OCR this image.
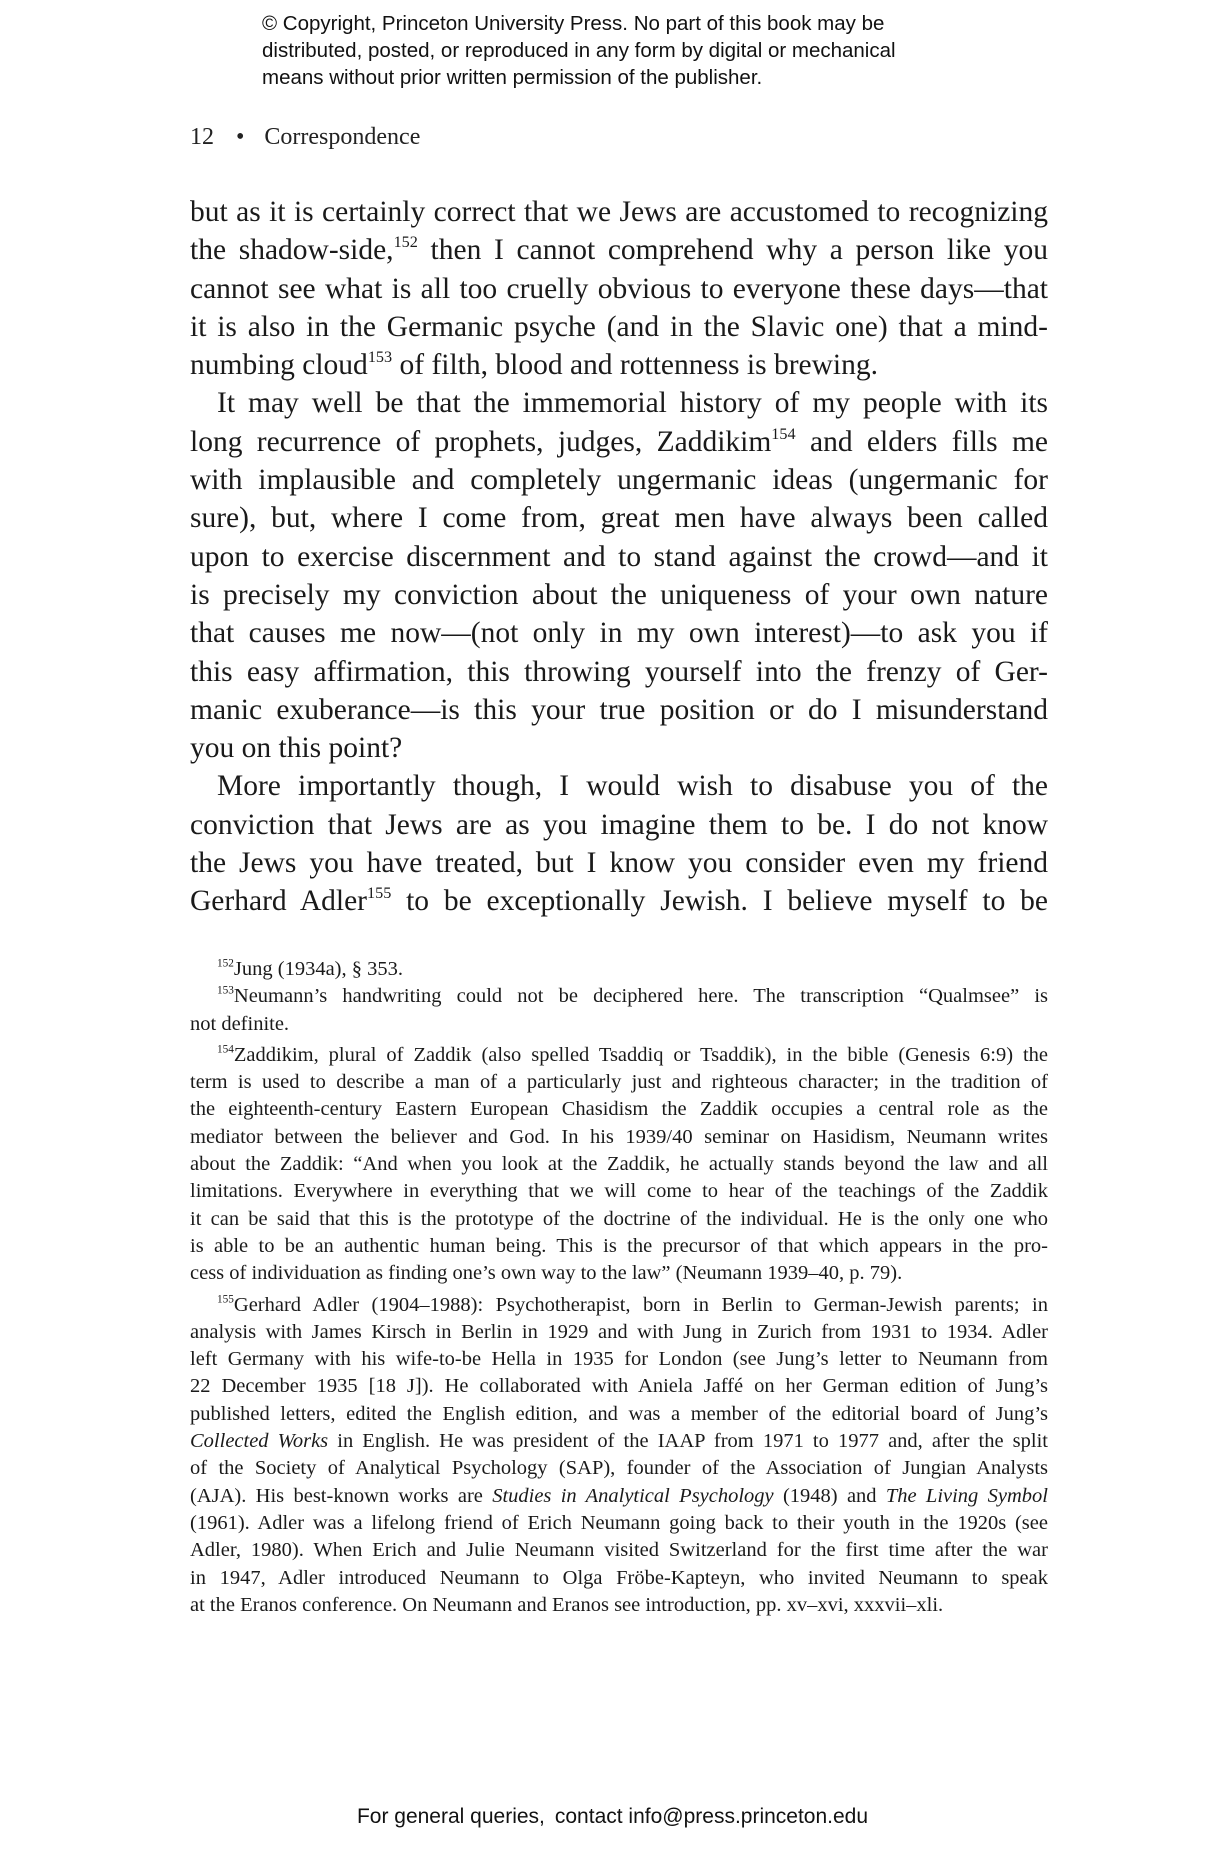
© Copyright, Princeton University Press. No part of this book may be
distributed, posted, or reproduced in any form by digital or mechanical
means without prior written permission of the publisher.
12 • Correspondence
but as it is certainly correct that we Jews are accustomed to recognizing
the shadow-side,$^{152}$ then I cannot comprehend why a person like you
cannot see what is all too cruelly obvious to everyone these days—that
it is also in the Germanic psyche (and in the Slavic one) that a mind-
numbing cloud$^{153}$ of filth, blood and rottenness is brewing.
It may well be that the immemorial history of my people with its
long recurrence of prophets, judges, Zaddikim$^{154}$ and elders fills me
with implausible and completely ungermanic ideas (ungermanic for
sure), but, where I come from, great men have always been called
upon to exercise discernment and to stand against the crowd—and it
is precisely my conviction about the uniqueness of your own nature
that causes me now—(not only in my own interest)—to ask you if
this easy affirmation, this throwing yourself into the frenzy of Ger-
manic exuberance—is this your true position or do I misunderstand
you on this point?
More importantly though, I would wish to disabuse you of the
conviction that Jews are as you imagine them to be. I do not know
the Jews you have treated, but I know you consider even my friend
Gerhard Adler$^{155}$ to be exceptionally Jewish. I believe myself to be
$^{152}$Jung (1934a), § 353.
$^{153}$Neumann’s handwriting could not be deciphered here. The transcription “Qualmsee” is
not definite.
$^{154}$Zaddikim, plural of Zaddik (also spelled Tsaddiq or Tsaddik), in the bible (Genesis 6:9) the
term is used to describe a man of a particularly just and righteous character; in the tradition of
the eighteenth-century Eastern European Chasidism the Zaddik occupies a central role as the
mediator between the believer and God. In his 1939/40 seminar on Hasidism, Neumann writes
about the Zaddik: “And when you look at the Zaddik, he actually stands beyond the law and all
limitations. Everywhere in everything that we will come to hear of the teachings of the Zaddik
it can be said that this is the prototype of the doctrine of the individual. He is the only one who
is able to be an authentic human being. This is the precursor of that which appears in the pro-
cess of individuation as finding one’s own way to the law” (Neumann 1939–40, p. 79).
$^{155}$Gerhard Adler (1904–1988): Psychotherapist, born in Berlin to German-Jewish parents; in
analysis with James Kirsch in Berlin in 1929 and with Jung in Zurich from 1931 to 1934. Adler
left Germany with his wife-to-be Hella in 1935 for London (see Jung’s letter to Neumann from
22 December 1935 [18 J]). He collaborated with Aniela Jaffé on her German edition of Jung’s
published letters, edited the English edition, and was a member of the editorial board of Jung’s
Collected Works in English. He was president of the IAAP from 1971 to 1977 and, after the split
of the Society of Analytical Psychology (SAP), founder of the Association of Jungian Analysts
(AJA). His best-known works are Studies in Analytical Psychology (1948) and The Living Symbol
(1961). Adler was a lifelong friend of Erich Neumann going back to their youth in the 1920s (see
Adler, 1980). When Erich and Julie Neumann visited Switzerland for the first time after the war
in 1947, Adler introduced Neumann to Olga Fröbe-Kapteyn, who invited Neumann to speak
at the Eranos conference. On Neumann and Eranos see introduction, pp. xv–xvi, xxxvii–xli.
For general queries, contact info@press.princeton.edu
